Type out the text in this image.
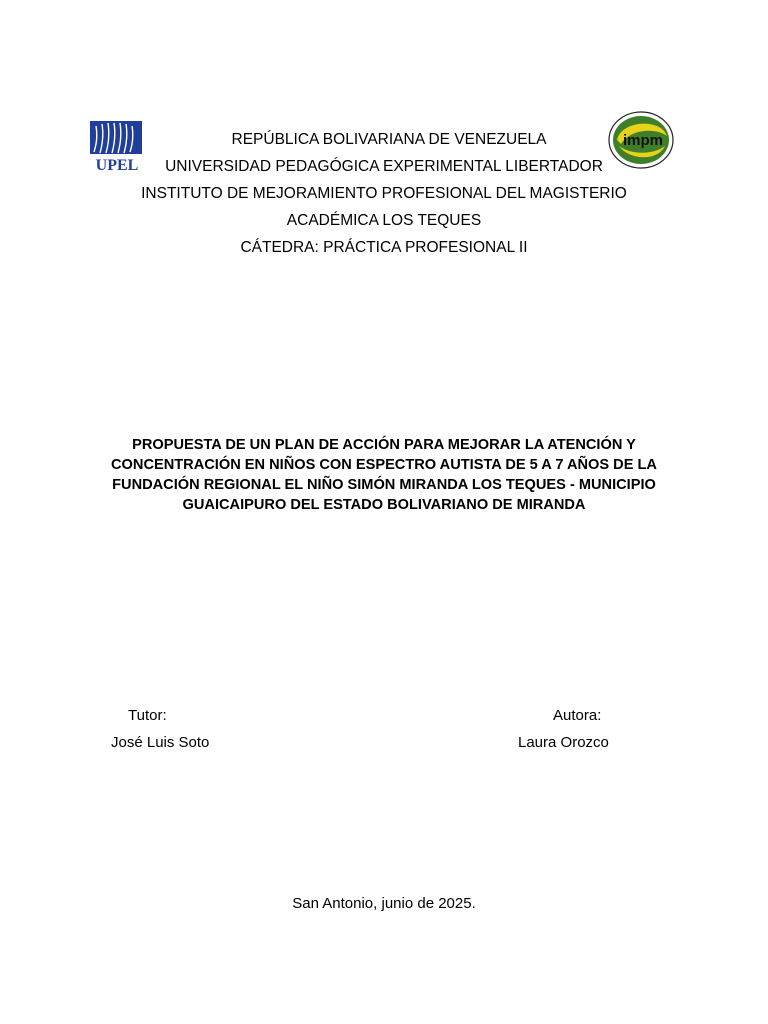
UPEL
impm
REPÚBLICA BOLIVARIANA DE VENEZUELA
UNIVERSIDAD PEDAGÓGICA EXPERIMENTAL LIBERTADOR
INSTITUTO DE MEJORAMIENTO PROFESIONAL DEL MAGISTERIO
ACADÉMICA LOS TEQUES
CÁTEDRA: PRÁCTICA PROFESIONAL II
PROPUESTA DE UN PLAN DE ACCIÓN PARA MEJORAR LA ATENCIÓN Y CONCENTRACIÓN EN NIÑOS CON ESPECTRO AUTISTA DE 5 A 7 AÑOS DE LA FUNDACIÓN REGIONAL EL NIÑO SIMÓN MIRANDA LOS TEQUES - MUNICIPIO GUAICAIPURO DEL ESTADO BOLIVARIANO DE MIRANDA
Tutor:
José Luis Soto
Autora:
Laura Orozco
San Antonio, junio de 2025.
